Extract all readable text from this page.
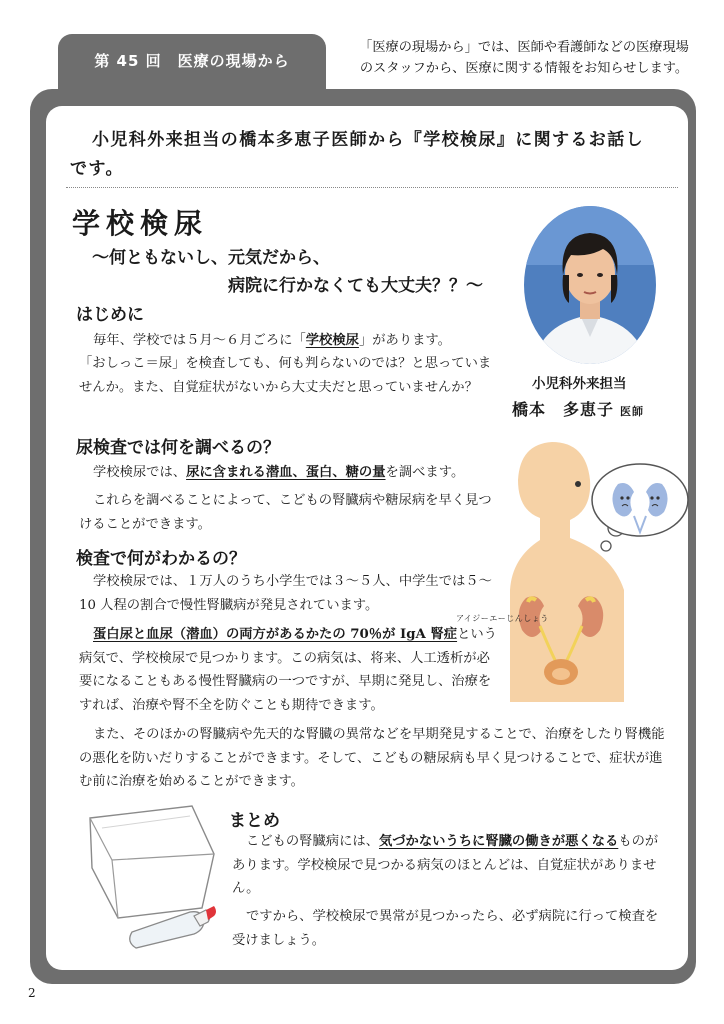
第 45 回　医療の現場から
「医療の現場から」では、医師や看護師などの医療現場
のスタッフから、医療に関する情報をお知らせします。
小児科外来担当の橋本多恵子医師から『学校検尿』に関するお話しです。
学校検尿
～何ともないし、元気だから、
病院に行かなくても大丈夫？？～
小児科外来担当
橋本　多恵子 医師
はじめに
毎年、学校では５月～６月ごろに「学校検尿」があります。
「おしっこ＝尿」を検査しても、何も判らないのでは？と思っていませんか。また、自覚症状がないから大丈夫だと思っていませんか？
尿検査では何を調べるの？
学校検尿では、尿に含まれる潜血、蛋白、糖の量を調べます。
これらを調べることによって、こどもの腎臓病や糖尿病を早く見つけることができます。
検査で何がわかるの？
学校検尿では、１万人のうち小学生では３～５人、中学生では５～10 人程の割合で慢性腎臓病が発見されています。
アイジーエーじんしょう
蛋白尿と血尿（潜血）の両方があるかたの 70％が IgA 腎症という病気で、学校検尿で見つかります。この病気は、将来、人工透析が必要になることもある慢性腎臓病の一つですが、早期に発見し、治療をすれば、治療や腎不全を防ぐことも期待できます。
また、そのほかの腎臓病や先天的な腎臓の異常などを早期発見することで、治療をしたり腎機能の悪化を防いだりすることができます。そして、こどもの糖尿病も早く見つけることで、症状が進む前に治療を始めることができます。
まとめ
こどもの腎臓病には、気づかないうちに腎臓の働きが悪くなるものがあります。学校検尿で見つかる病気のほとんどは、自覚症状がありません。
ですから、学校検尿で異常が見つかったら、必ず病院に行って検査を受けましょう。
2
